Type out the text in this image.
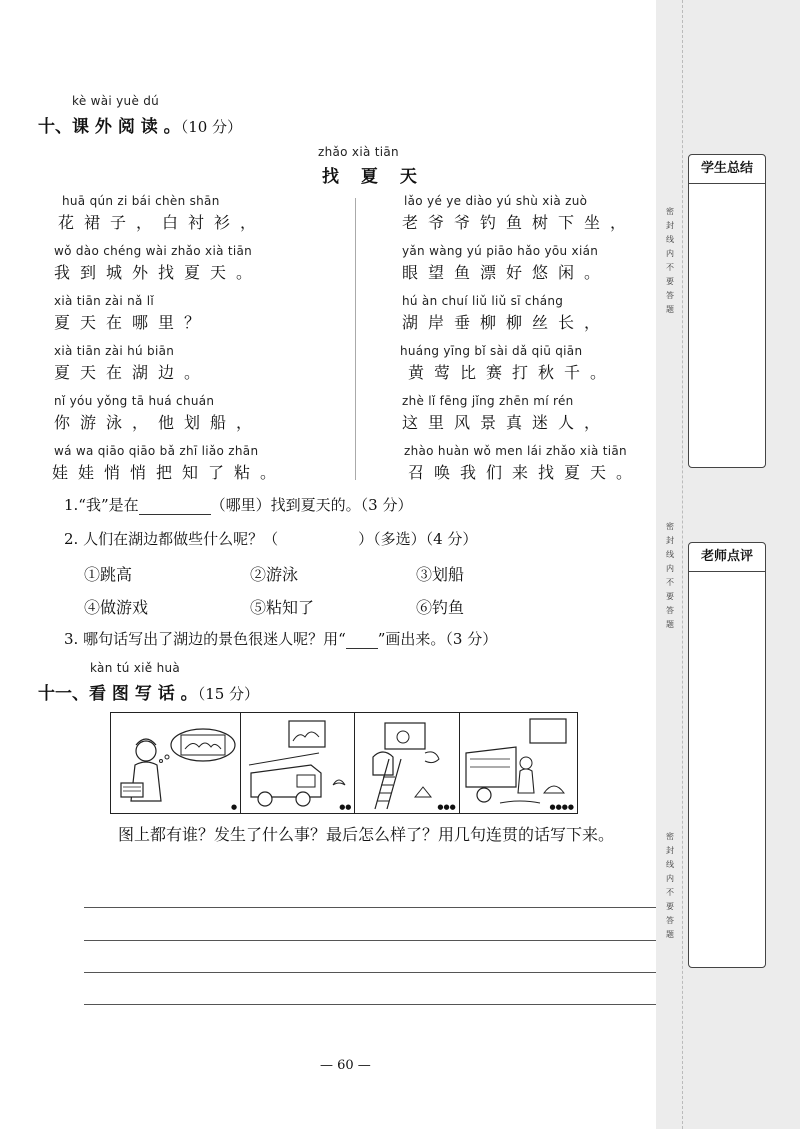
学生总结
老师点评
密
封
线
内
不
要
答
题
密
封
线
内
不
要
答
题
密
封
线
内
不
要
答
题
kè wài yuè dú
十、课 外 阅 读 。（10 分）
zhǎo xià tiān
找 夏 天
huā qún zi bái chèn shān
花裙子，白衬衫，
wǒ dào chéng wài zhǎo xià tiān
我到城外找夏天。
xià tiān zài nǎ lǐ
夏天在哪里？
xià tiān zài hú biān
夏天在湖边。
nǐ yóu yǒng tā huá chuán
你游泳，他划船，
wá wa qiāo qiāo bǎ zhī liǎo zhān
娃娃悄悄把知了粘。
lǎo yé ye diào yú shù xià zuò
老爷爷钓鱼树下坐，
yǎn wàng yú piāo hǎo yōu xián
眼望鱼漂好悠闲。
hú àn chuí liǔ liǔ sī cháng
湖岸垂柳柳丝长，
huáng yīng bǐ sài dǎ qiū qiān
黄莺比赛打秋千。
zhè lǐ fēng jǐng zhēn mí rén
这里风景真迷人，
zhào huàn wǒ men lái zhǎo xià tiān
召唤我们来找夏天。
1.“我”是在	（哪里）找到夏天的。（3 分）
2. 人们在湖边都做些什么呢？（	）（多选）（4 分）
①跳高	②游泳	③划船
④做游戏	⑤粘知了	⑥钓鱼
3. 哪句话写出了湖边的景色很迷人呢？用“ ”画出来。（3 分）
kàn tú xiě huà
十一、看 图 写 话 。（15 分）
●	●●	●●●	●●●●
图上都有谁？发生了什么事？最后怎么样了？用几句连贯的话写下来。
— 60 —
